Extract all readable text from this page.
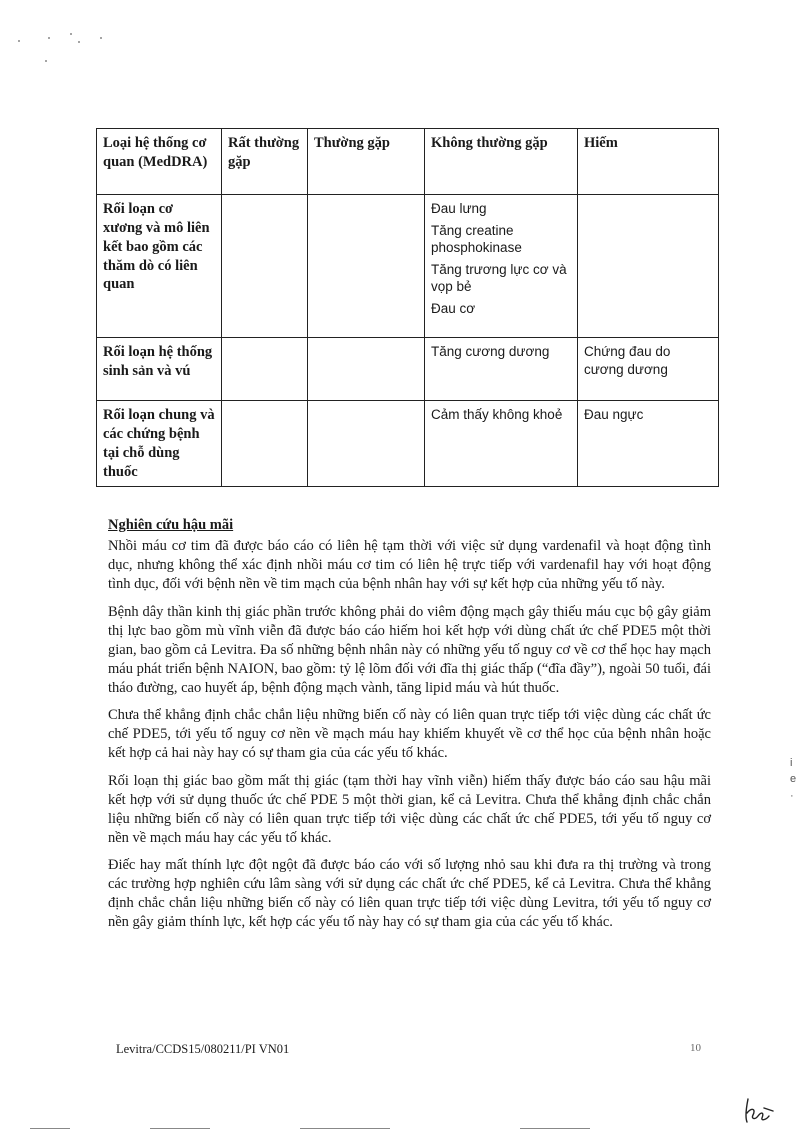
Loại hệ thống cơ quan (MedDRA)	Rất thường gặp	Thường gặp	Không thường gặp	Hiếm
Rối loạn cơ xương và mô liên kết bao gồm các thăm dò có liên quan			Đau lưng

Tăng creatine phosphokinase

Tăng trương lực cơ và vọp bẻ

Đau cơ	

Rối loạn hệ thống sinh sản và vú			Tăng cương dương	Chứng đau do cương dương
Rối loạn chung và các chứng bệnh tại chỗ dùng thuốc			Cảm thấy không khoẻ	Đau ngực
Nghiên cứu hậu mãi

Nhồi máu cơ tim đã được báo cáo có liên hệ tạm thời với việc sử dụng vardenafil và hoạt động tình dục, nhưng không thể xác định nhồi máu cơ tim có liên hệ trực tiếp với vardenafil hay với hoạt động tình dục, đối với bệnh nền về tim mạch của bệnh nhân hay với sự kết hợp của những yếu tố này.

Bệnh dây thần kinh thị giác phần trước không phải do viêm động mạch gây thiếu máu cục bộ gây giảm thị lực bao gồm mù vĩnh viễn đã được báo cáo hiếm hoi kết hợp với dùng chất ức chế PDE5 một thời gian, bao gồm cả Levitra. Đa số những bệnh nhân này có những yếu tố nguy cơ về cơ thể học hay mạch máu phát triển bệnh NAION, bao gồm: tỷ lệ lõm đối với đĩa thị giác thấp (“đĩa đầy”), ngoài 50 tuổi, đái tháo đường, cao huyết áp, bệnh động mạch vành, tăng lipid máu và hút thuốc.

Chưa thể khẳng định chắc chắn liệu những biến cố này có liên quan trực tiếp tới việc dùng các chất ức chế PDE5, tới yếu tố nguy cơ nền về mạch máu hay khiếm khuyết về cơ thể học của bệnh nhân hoặc kết hợp cả hai này hay có sự tham gia của các yếu tố khác.

Rối loạn thị giác bao gồm mất thị giác (tạm thời hay vĩnh viễn) hiếm thấy được báo cáo sau hậu mãi kết hợp với sử dụng thuốc ức chế PDE 5 một thời gian, kể cả Levitra. Chưa thể khẳng định chắc chắn liệu những biến cố này có liên quan trực tiếp tới việc dùng các chất ức chế PDE5, tới yếu tố nguy cơ nền về mạch máu hay các yếu tố khác.

Điếc hay mất thính lực đột ngột đã được báo cáo với số lượng nhỏ sau khi đưa ra thị trường và trong các trường hợp nghiên cứu lâm sàng với sử dụng các chất ức chế PDE5, kể cả Levitra. Chưa thể khẳng định chắc chắn liệu những biến cố này có liên quan trực tiếp tới việc dùng Levitra, tới yếu tố nguy cơ nền gây giảm thính lực, kết hợp các yếu tố này hay có sự tham gia của các yếu tố khác.

i
e
·
Levitra/CCDS15/080211/PI VN01	10
